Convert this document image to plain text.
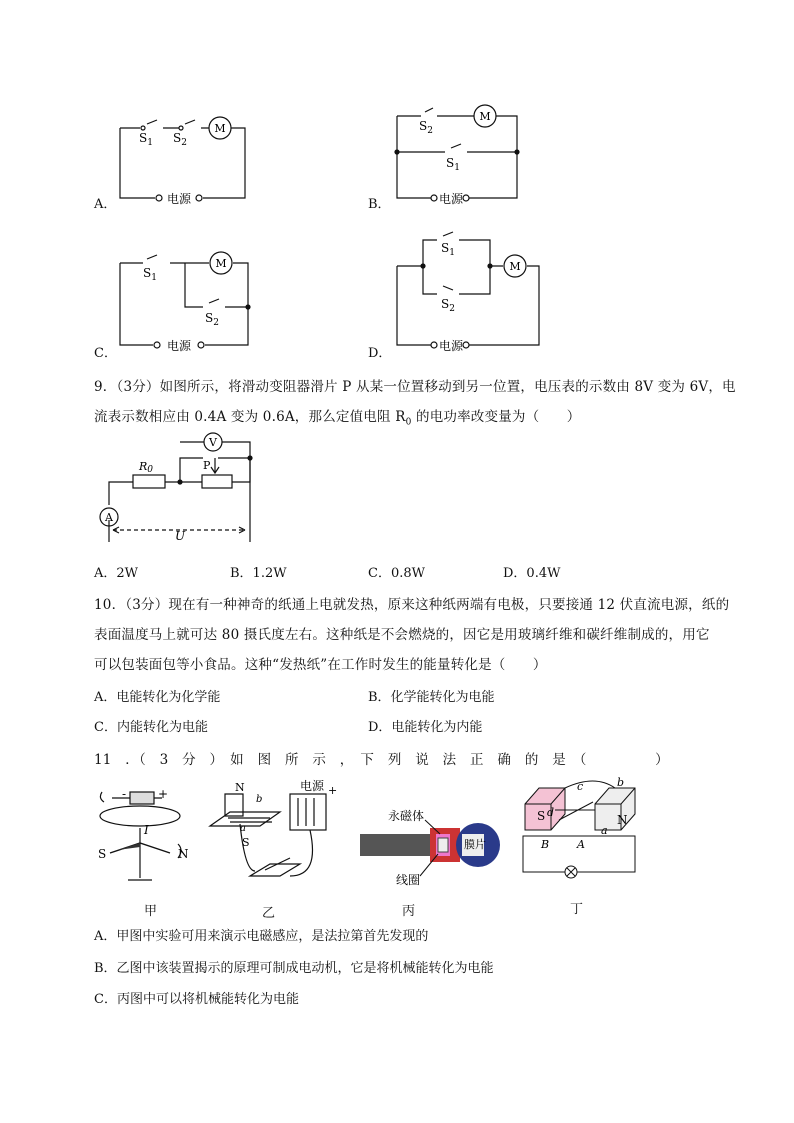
M
$S_1$ $S_2$
电源
A．
M
$S_2$
$S_1$
电源
B．
M
$S_1$
$S_2$
电源
C．
M
$S_1$
$S_2$
电源
D．
9．（3分）如图所示，将滑动变阻器滑片 P 从某一位置移动到另一位置，电压表的示数由 8V 变为 6V，电
流表示数相应由 0.4A 变为 0.6A，那么定值电阻 $R_0$ 的电功率改变量为（　　）
V
A
R0	P
U
A．2W	B．1.2W	C．0.8W	D．0.4W
10．（3分）现在有一种神奇的纸通上电就发热，原来这种纸两端有电极，只要接通 12 伏直流电源，纸的
表面温度马上就可达 80 摄氏度左右。这种纸是不会燃烧的，因它是用玻璃纤维和碳纤维制成的，用它
可以包装面包等小食品。这种“发热纸”在工作时发生的能量转化是（　　）
A．电能转化为化学能	B．化学能转化为电能
C．内能转化为电能	D．电能转化为内能
11　．（　3　分　）　如　图　所　示　，　下　列　说　法　正　确　的　是　（　　　　　）
-	+
I
S	N
甲
N
S
a
b
电源 +
乙
膜片
永磁体
线圈
丙
S	N
c	b
d
a
B	A
丁
A．甲图中实验可用来演示电磁感应，是法拉第首先发现的
B．乙图中该装置揭示的原理可制成电动机，它是将机械能转化为电能
C．丙图中可以将机械能转化为电能
